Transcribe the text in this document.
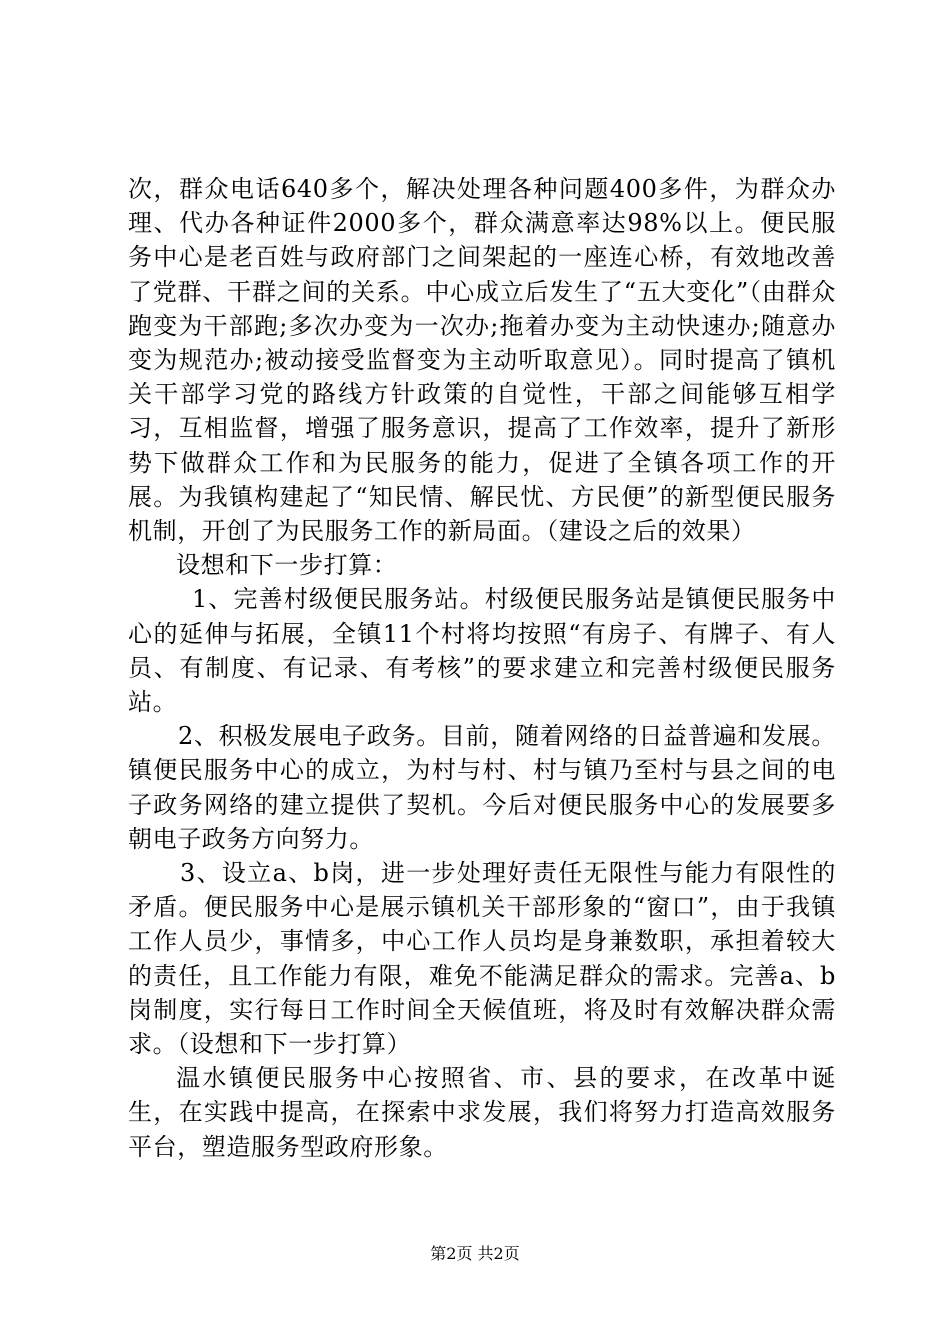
次，群众电话640多个，解决处理各种问题400多件，为群众办理、代办各种证件2000多个，群众满意率达98%以上。便民服务中心是老百姓与政府部门之间架起的一座连心桥，有效地改善了党群、干群之间的关系。中心成立后发生了“五大变化”（由群众跑变为干部跑;多次办变为一次办;拖着办变为主动快速办;随意办变为规范办;被动接受监督变为主动听取意见）。同时提高了镇机关干部学习党的路线方针政策的自觉性，干部之间能够互相学习，互相监督，增强了服务意识，提高了工作效率，提升了新形势下做群众工作和为民服务的能力，促进了全镇各项工作的开展。为我镇构建起了“知民情、解民忧、方民便”的新型便民服务机制，开创了为民服务工作的新局面。（建设之后的效果）

设想和下一步打算：

1、完善村级便民服务站。村级便民服务站是镇便民服务中心的延伸与拓展，全镇11个村将均按照“有房子、有牌子、有人员、有制度、有记录、有考核”的要求建立和完善村级便民服务站。

2、积极发展电子政务。目前，随着网络的日益普遍和发展。镇便民服务中心的成立，为村与村、村与镇乃至村与县之间的电子政务网络的建立提供了契机。今后对便民服务中心的发展要多朝电子政务方向努力。

3、设立a、b岗，进一步处理好责任无限性与能力有限性的矛盾。便民服务中心是展示镇机关干部形象的“窗口”，由于我镇工作人员少，事情多，中心工作人员均是身兼数职，承担着较大的责任，且工作能力有限，难免不能满足群众的需求。完善a、b岗制度，实行每日工作时间全天候值班，将及时有效解决群众需求。（设想和下一步打算）

温水镇便民服务中心按照省、市、县的要求，在改革中诞生，在实践中提高，在探索中求发展，我们将努力打造高效服务平台，塑造服务型政府形象。

第2页 共2页
